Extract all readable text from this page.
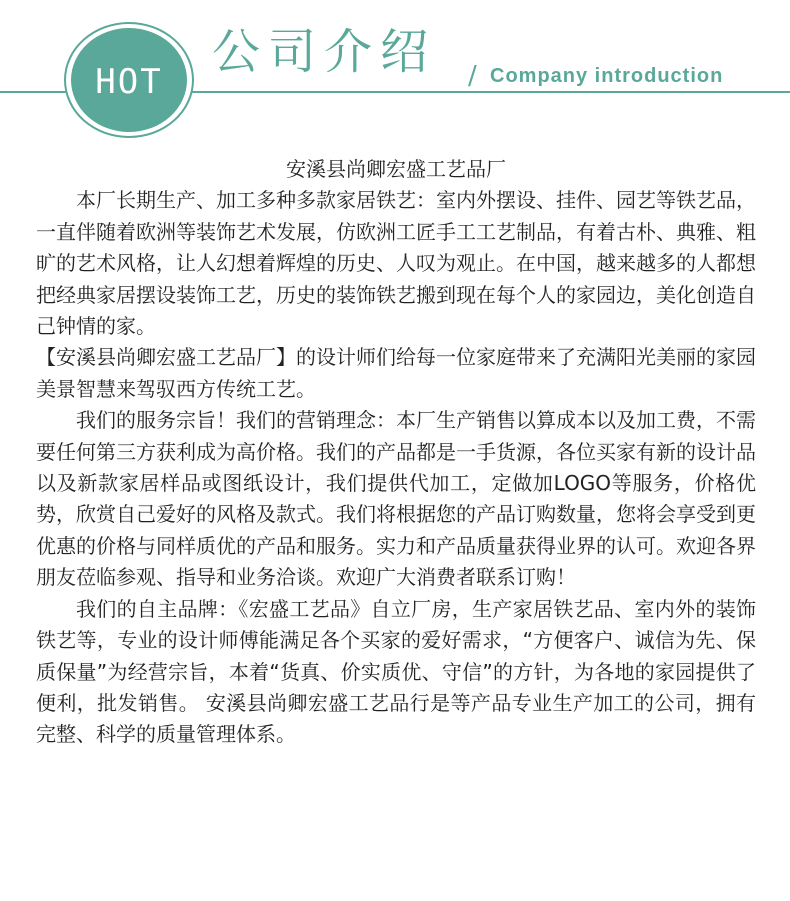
HOT
公司介绍 / Company introduction

安溪县尚卿宏盛工艺品厂

本厂长期生产、加工多种多款家居铁艺：室内外摆设、挂件、园艺等铁艺品，一直伴随着欧洲等装饰艺术发展，仿欧洲工匠手工工艺制品，有着古朴、典雅、粗旷的艺术风格，让人幻想着辉煌的历史、人叹为观止。在中国，越来越多的人都想把经典家居摆设装饰工艺，历史的装饰铁艺搬到现在每个人的家园边，美化创造自己钟情的家。

【安溪县尚卿宏盛工艺品厂】的设计师们给每一位家庭带来了充满阳光美丽的家园美景智慧来驾驭西方传统工艺。

我们的服务宗旨！我们的营销理念：本厂生产销售以算成本以及加工费，不需要任何第三方获利成为高价格。我们的产品都是一手货源，各位买家有新的设计品以及新款家居样品或图纸设计，我们提供代加工，定做加LOGO等服务，价格优势，欣赏自己爱好的风格及款式。我们将根据您的产品订购数量，您将会享受到更优惠的价格与同样质优的产品和服务。实力和产品质量获得业界的认可。欢迎各界朋友莅临参观、指导和业务洽谈。欢迎广大消费者联系订购！

我们的自主品牌：《宏盛工艺品》自立厂房，生产家居铁艺品、室内外的装饰铁艺等，专业的设计师傅能满足各个买家的爱好需求，“方便客户、诚信为先、保质保量”为经营宗旨，本着“货真、价实质优、守信”的方针，为各地的家园提供了便利，批发销售。 安溪县尚卿宏盛工艺品行是等产品专业生产加工的公司，拥有完整、科学的质量管理体系。
